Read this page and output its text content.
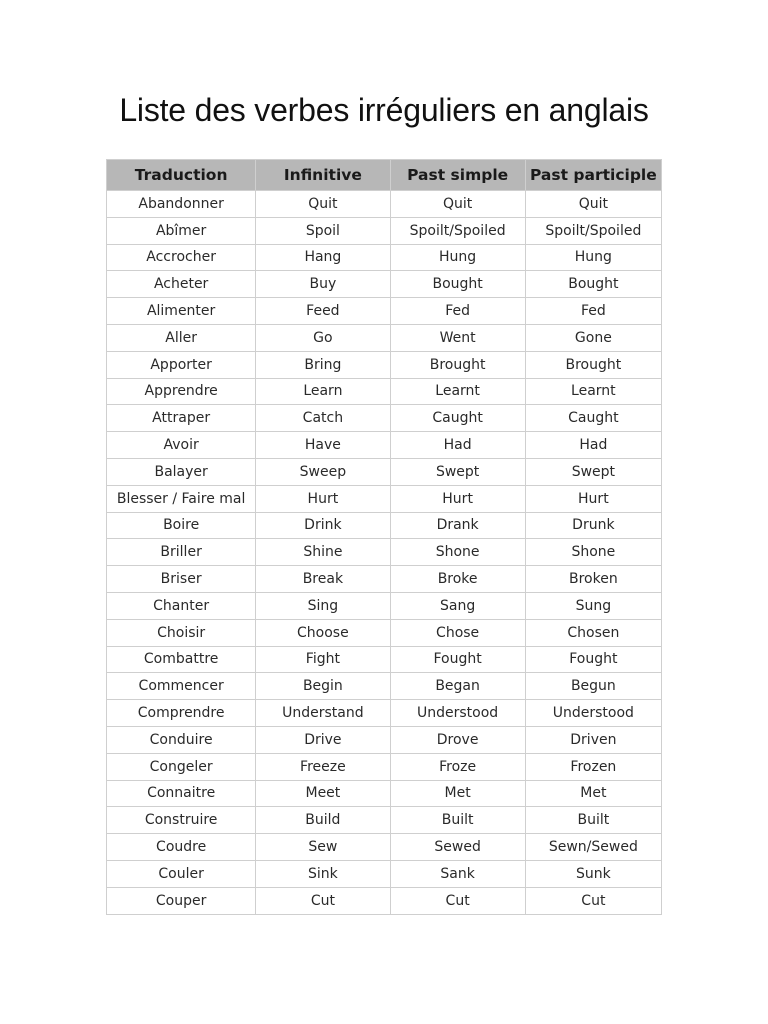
Liste des verbes irréguliers en anglais
Traduction	Infinitive	Past simple	Past participle
Abandonner	Quit	Quit	Quit
Abîmer	Spoil	Spoilt/Spoiled	Spoilt/Spoiled
Accrocher	Hang	Hung	Hung
Acheter	Buy	Bought	Bought
Alimenter	Feed	Fed	Fed
Aller	Go	Went	Gone
Apporter	Bring	Brought	Brought
Apprendre	Learn	Learnt	Learnt
Attraper	Catch	Caught	Caught
Avoir	Have	Had	Had
Balayer	Sweep	Swept	Swept
Blesser / Faire mal	Hurt	Hurt	Hurt
Boire	Drink	Drank	Drunk
Briller	Shine	Shone	Shone
Briser	Break	Broke	Broken
Chanter	Sing	Sang	Sung
Choisir	Choose	Chose	Chosen
Combattre	Fight	Fought	Fought
Commencer	Begin	Began	Begun
Comprendre	Understand	Understood	Understood
Conduire	Drive	Drove	Driven
Congeler	Freeze	Froze	Frozen
Connaitre	Meet	Met	Met
Construire	Build	Built	Built
Coudre	Sew	Sewed	Sewn/Sewed
Couler	Sink	Sank	Sunk
Couper	Cut	Cut	Cut
